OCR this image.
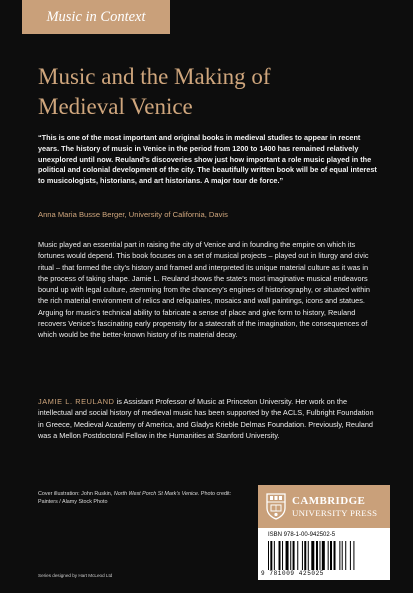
Music in Context
Music and the Making of
Medieval Venice

“This is one of the most important and original books in medieval studies to appear in recent years. The history of music in Venice in the period from 1200 to 1400 has remained relatively unexplored until now. Reuland’s discoveries show just how important a role music played in the political and colonial development of the city. The beautifully written book will be of equal interest to musicologists, historians, and art historians. A major tour de force.”

Anna Maria Busse Berger, University of California, Davis

Music played an essential part in raising the city of Venice and in founding the empire on which its fortunes would depend. This book focuses on a set of musical projects – played out in liturgy and civic ritual – that formed the city’s history and framed and interpreted its unique material culture as it was in the process of taking shape. Jamie L. Reuland shows the state’s most imaginative musical endeavors bound up with legal culture, stemming from the chancery’s engines of historiography, or situated within the rich material environment of relics and reliquaries, mosaics and wall paintings, icons and statues. Arguing for music’s technical ability to fabricate a sense of place and give form to history, Reuland recovers Venice’s fascinating early propensity for a statecraft of the imagination, the consequences of which would be the better-known history of its material decay.

JAMIE L. REULAND is Assistant Professor of Music at Princeton University. Her work on the intellectual and social history of medieval music has been supported by the ACLS, Fulbright Foundation in Greece, Medieval Academy of America, and Gladys Krieble Delmas Foundation. Previously, Reuland was a Mellon Postdoctoral Fellow in the Humanities at Stanford University.

Cover illustration: John Ruskin, North West Porch St Mark’s Venice. Photo credit: Painters / Alamy Stock Photo

Series designed by Hart McLeod Ltd

CAMBRIDGE
UNIVERSITY PRESS
ISBN 978-1-00-942502-5
9 781009 425025
